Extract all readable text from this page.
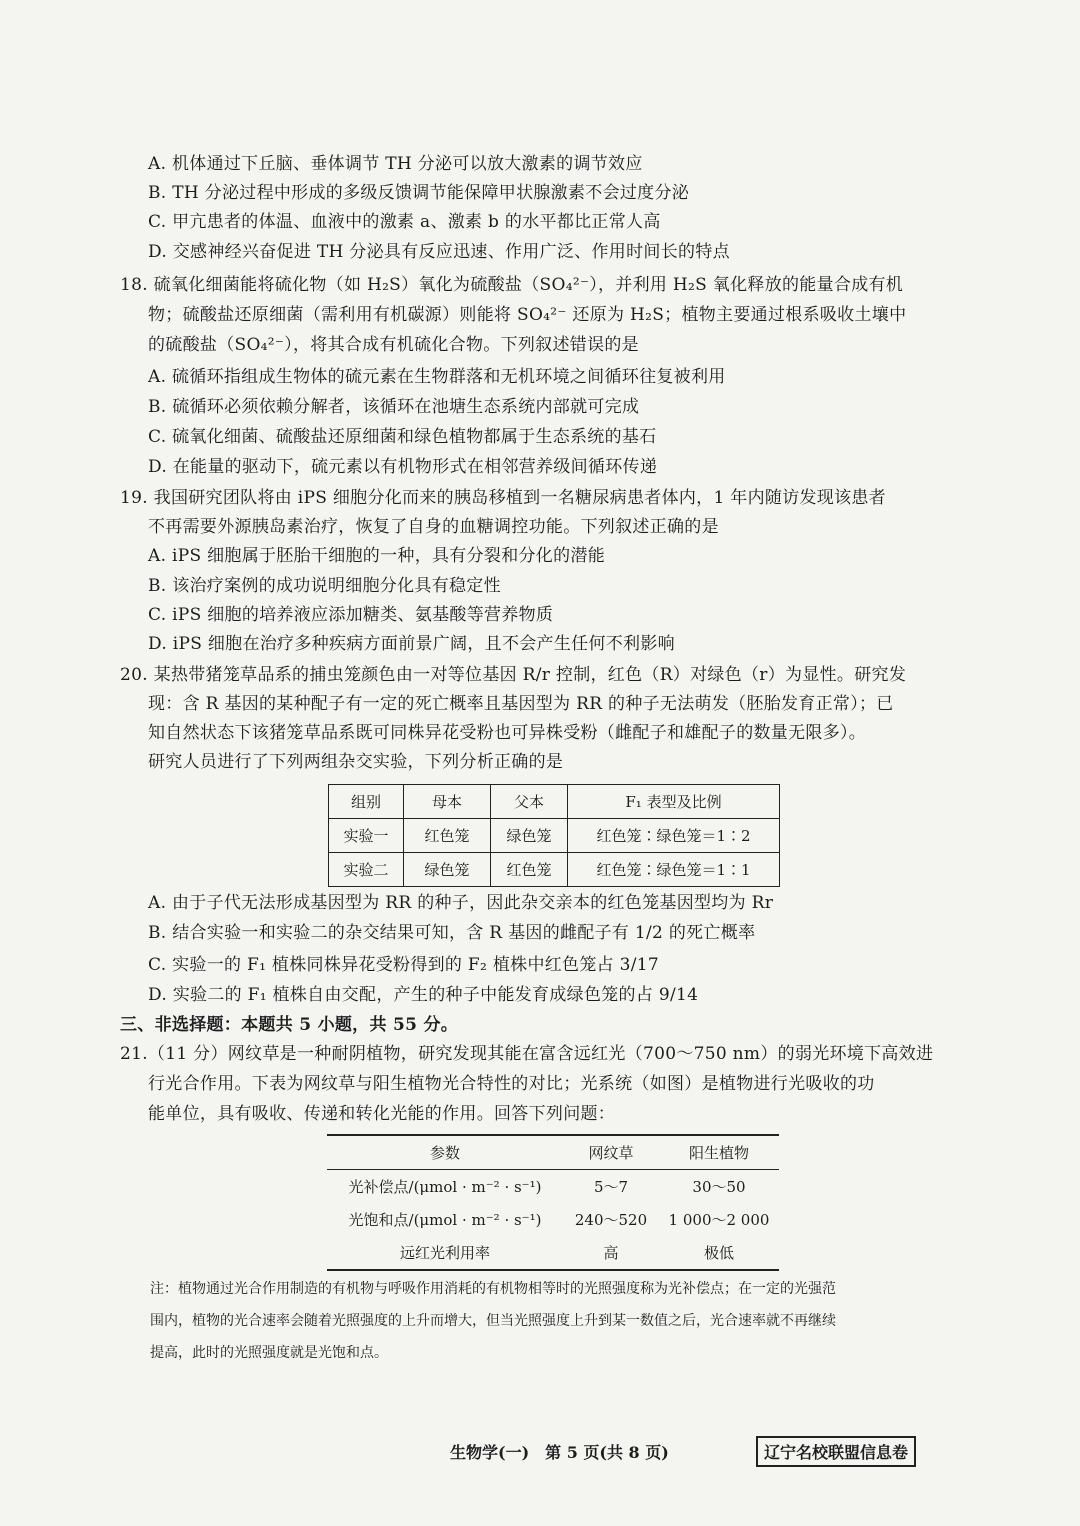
A. 机体通过下丘脑、垂体调节 TH 分泌可以放大激素的调节效应
B. TH 分泌过程中形成的多级反馈调节能保障甲状腺激素不会过度分泌
C. 甲亢患者的体温、血液中的激素 a、激素 b 的水平都比正常人高
D. 交感神经兴奋促进 TH 分泌具有反应迅速、作用广泛、作用时间长的特点
18. 硫氧化细菌能将硫化物（如 H₂S）氧化为硫酸盐（SO₄²⁻），并利用 H₂S 氧化释放的能量合成有机
物；硫酸盐还原细菌（需利用有机碳源）则能将 SO₄²⁻ 还原为 H₂S；植物主要通过根系吸收土壤中
的硫酸盐（SO₄²⁻），将其合成有机硫化合物。下列叙述错误的是
A. 硫循环指组成生物体的硫元素在生物群落和无机环境之间循环往复被利用
B. 硫循环必须依赖分解者，该循环在池塘生态系统内部就可完成
C. 硫氧化细菌、硫酸盐还原细菌和绿色植物都属于生态系统的基石
D. 在能量的驱动下，硫元素以有机物形式在相邻营养级间循环传递
19. 我国研究团队将由 iPS 细胞分化而来的胰岛移植到一名糖尿病患者体内，1 年内随访发现该患者
不再需要外源胰岛素治疗，恢复了自身的血糖调控功能。下列叙述正确的是
A. iPS 细胞属于胚胎干细胞的一种，具有分裂和分化的潜能
B. 该治疗案例的成功说明细胞分化具有稳定性
C. iPS 细胞的培养液应添加糖类、氨基酸等营养物质
D. iPS 细胞在治疗多种疾病方面前景广阔，且不会产生任何不利影响
20. 某热带猪笼草品系的捕虫笼颜色由一对等位基因 R/r 控制，红色（R）对绿色（r）为显性。研究发
现：含 R 基因的某种配子有一定的死亡概率且基因型为 RR 的种子无法萌发（胚胎发育正常）；已
知自然状态下该猪笼草品系既可同株异花受粉也可异株受粉（雌配子和雄配子的数量无限多）。
研究人员进行了下列两组杂交实验，下列分析正确的是
组别	母本	父本	F₁ 表型及比例
实验一	红色笼	绿色笼	红色笼∶绿色笼＝1∶2
实验二	绿色笼	红色笼	红色笼∶绿色笼＝1∶1
A. 由于子代无法形成基因型为 RR 的种子，因此杂交亲本的红色笼基因型均为 Rr
B. 结合实验一和实验二的杂交结果可知，含 R 基因的雌配子有 1/2 的死亡概率
C. 实验一的 F₁ 植株同株异花受粉得到的 F₂ 植株中红色笼占 3/17
D. 实验二的 F₁ 植株自由交配，产生的种子中能发育成绿色笼的占 9/14
三、非选择题：本题共 5 小题，共 55 分。
21.（11 分）网纹草是一种耐阴植物，研究发现其能在富含远红光（700～750 nm）的弱光环境下高效进
行光合作用。下表为网纹草与阳生植物光合特性的对比；光系统（如图）是植物进行光吸收的功
能单位，具有吸收、传递和转化光能的作用。回答下列问题：
参数	网纹草	阳生植物
光补偿点/(μmol · m⁻² · s⁻¹)	5～7	30～50
光饱和点/(μmol · m⁻² · s⁻¹)	240～520	1 000～2 000
远红光利用率	高	极低
注：植物通过光合作用制造的有机物与呼吸作用消耗的有机物相等时的光照强度称为光补偿点；在一定的光强范
围内，植物的光合速率会随着光照强度的上升而增大，但当光照强度上升到某一数值之后，光合速率就不再继续
提高，此时的光照强度就是光饱和点。
生物学(一)　第 5 页(共 8 页)	辽宁名校联盟信息卷
